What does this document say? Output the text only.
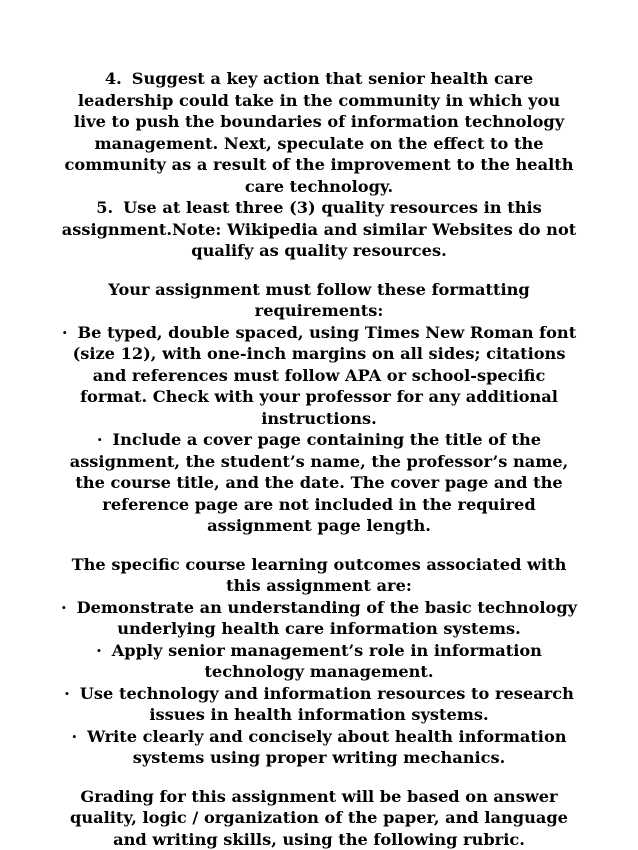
4. Suggest a key action that senior health care leadership could take in the community in which you live to push the boundaries of information technology management. Next, speculate on the effect to the community as a result of the improvement to the health care technology.

5. Use at least three (3) quality resources in this assignment.Note: Wikipedia and similar Websites do not qualify as quality resources.

Your assignment must follow these formatting requirements:

· Be typed, double spaced, using Times New Roman font (size 12), with one-inch margins on all sides; citations and references must follow APA or school-specific format. Check with your professor for any additional instructions.

· Include a cover page containing the title of the assignment, the student’s name, the professor’s name, the course title, and the date. The cover page and the reference page are not included in the required assignment page length.

The specific course learning outcomes associated with this assignment are:

· Demonstrate an understanding of the basic technology underlying health care information systems.

· Apply senior management’s role in information technology management.

· Use technology and information resources to research issues in health information systems.

· Write clearly and concisely about health information systems using proper writing mechanics.

Grading for this assignment will be based on answer quality, logic / organization of the paper, and language and writing skills, using the following rubric.
